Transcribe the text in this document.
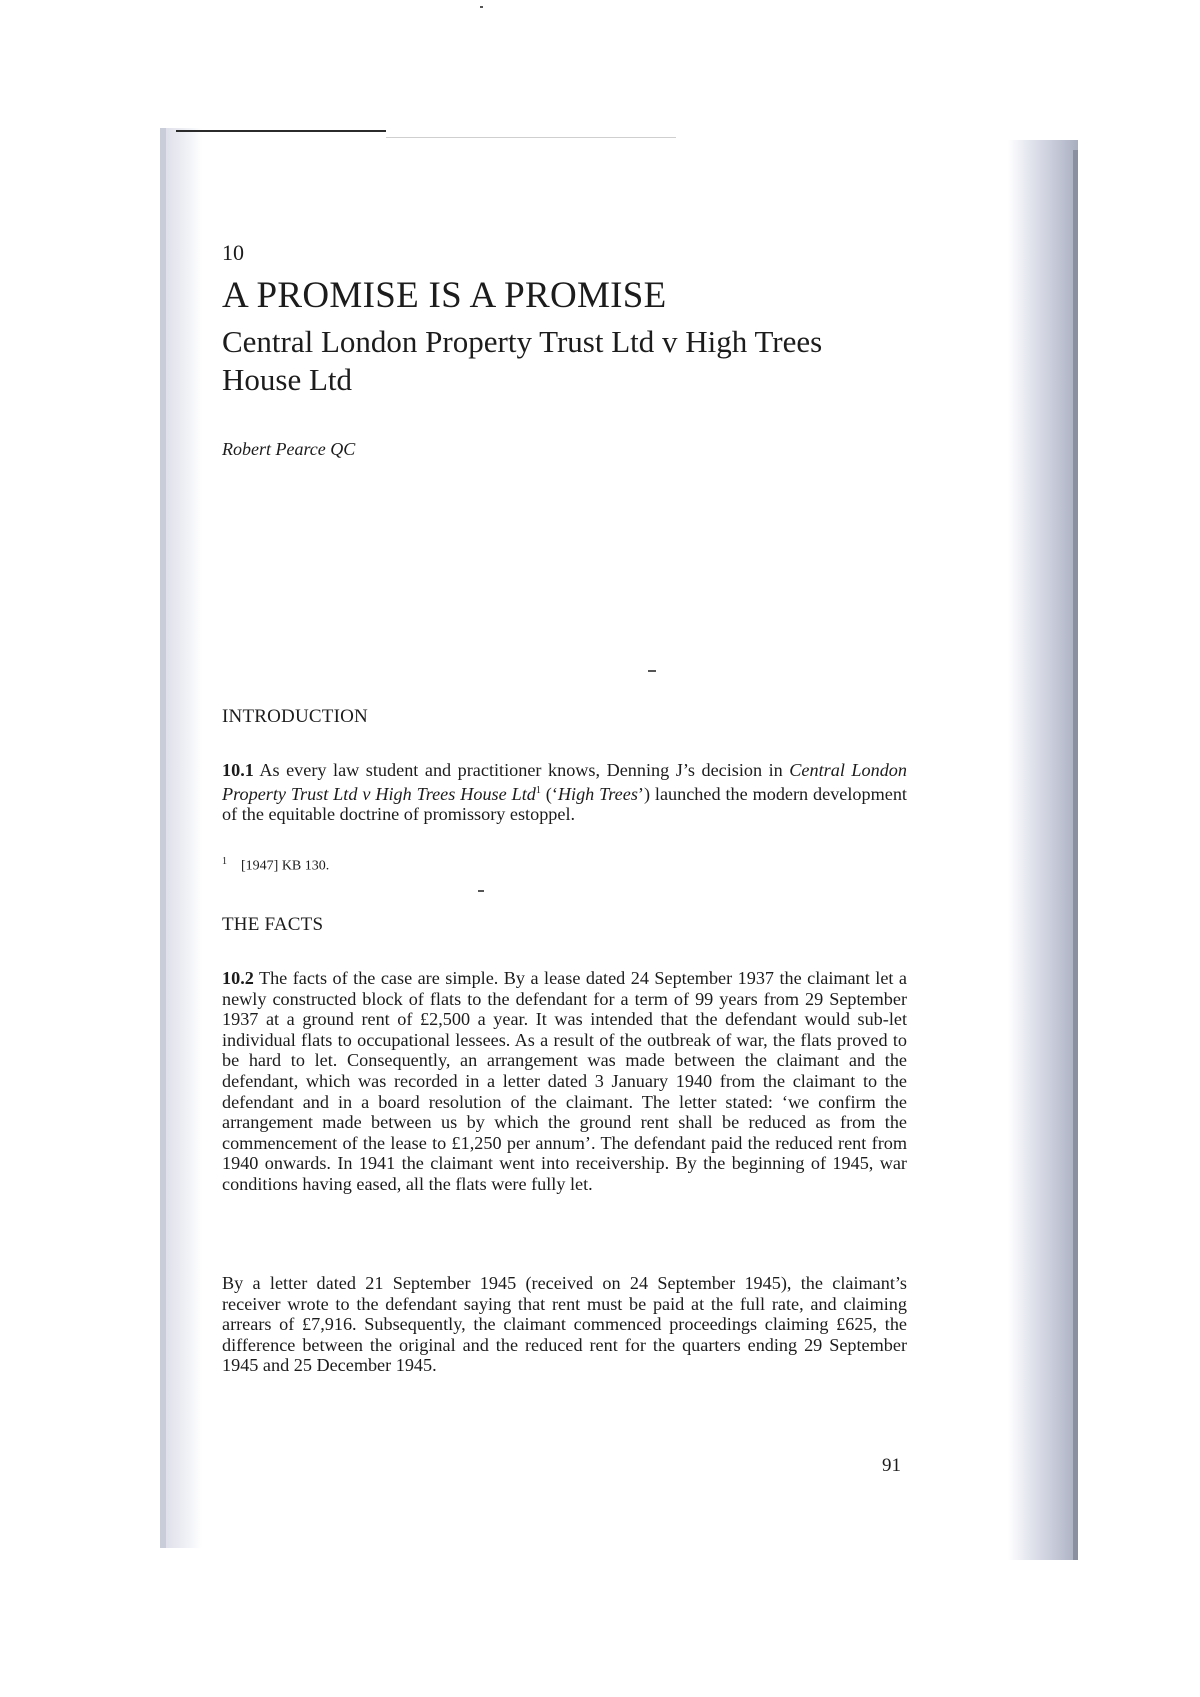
10

A PROMISE IS A PROMISE
Central London Property Trust Ltd v High Trees House Ltd

Robert Pearce QC

INTRODUCTION

10.1 As every law student and practitioner knows, Denning J’s decision in Central London Property Trust Ltd v High Trees House Ltd$^1$ (‘High Trees’) launched the modern development of the equitable doctrine of promissory estoppel.

$^1$ [1947] KB 130.
THE FACTS

10.2 The facts of the case are simple. By a lease dated 24 September 1937 the claimant let a newly constructed block of flats to the defendant for a term of 99 years from 29 September 1937 at a ground rent of £2,500 a year. It was intended that the defendant would sub-let individual flats to occupational lessees. As a result of the outbreak of war, the flats proved to be hard to let. Consequently, an arrangement was made between the claimant and the defendant, which was recorded in a letter dated 3 January 1940 from the claimant to the defendant and in a board resolution of the claimant. The letter stated: ‘we confirm the arrangement made between us by which the ground rent shall be reduced as from the commencement of the lease to £1,250 per annum’. The defendant paid the reduced rent from 1940 onwards. In 1941 the claimant went into receivership. By the beginning of 1945, war conditions having eased, all the flats were fully let.

By a letter dated 21 September 1945 (received on 24 September 1945), the claimant’s receiver wrote to the defendant saying that rent must be paid at the full rate, and claiming arrears of £7,916. Subsequently, the claimant commenced proceedings claiming £625, the difference between the original and the reduced rent for the quarters ending 29 September 1945 and 25 December 1945.

91
